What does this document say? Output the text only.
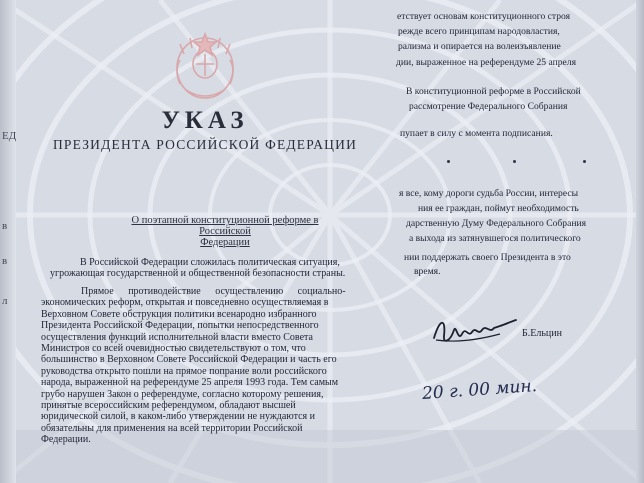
ЕД
в
в
л
УКАЗ
ПРЕЗИДЕНТА РОССИЙСКОЙ ФЕДЕРАЦИИ
О поэтапной конституционной реформе в Российской
Федерации
В Российской Федерации сложилась политическая ситуация,
угрожающая государственной и общественной безопасности страны.
Прямое противодействие осуществлению социально-
экономических реформ, открытая и повседневно осуществляемая в
Верховном Совете обструкция политики всенародно избранного
Президента Российской Федерации, попытки непосредственного
осуществления функций исполнительной власти вместо Совета
Министров со всей очевидностью свидетельствуют о том, что
большинство в Верховном Совете Российской Федерации и часть его
руководства открыто пошли на прямое попрание воли российского
народа, выраженной на референдуме 25 апреля 1993 года. Тем самым
грубо нарушен Закон о референдуме, согласно которому решения,
принятые всероссийским референдумом, обладают высшей
юридической силой, в каком-либо утверждении не нуждаются и
обязательны для применения на всей территории Российской
Федерации.
етствует основам конституционного строя
режде всего принципам народовластия,
рализма и опирается на волеизъявление
дии, выраженное на референдуме 25 апреля
В конституционной реформе в Российской
рассмотрение Федерального Собрания
пупает в силу с момента подписания.
я все, кому дороги судьба России, интересы
ния ее граждан, поймут необходимость
дарственную Думу Федерального Собрания
а выхода из затянувшегося политического
нии поддержать своего Президента в это
время.
Б.Ельцин
20 г. 00 мин.
